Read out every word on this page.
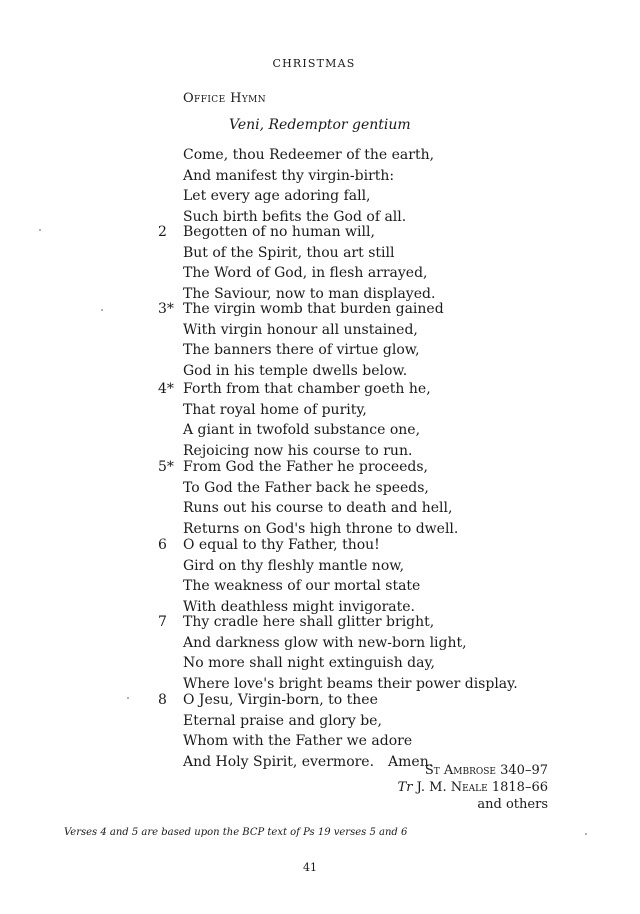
CHRISTMAS
Office Hymn
Veni, Redemptor gentium
Come, thou Redeemer of the earth,
And manifest thy virgin-birth:
Let every age adoring fall,
Such birth befits the God of all.
2 Begotten of no human will,
But of the Spirit, thou art still
The Word of God, in flesh arrayed,
The Saviour, now to man displayed.
3* The virgin womb that burden gained
With virgin honour all unstained,
The banners there of virtue glow,
God in his temple dwells below.
4* Forth from that chamber goeth he,
That royal home of purity,
A giant in twofold substance one,
Rejoicing now his course to run.
5* From God the Father he proceeds,
To God the Father back he speeds,
Runs out his course to death and hell,
Returns on God's high throne to dwell.
6 O equal to thy Father, thou!
Gird on thy fleshly mantle now,
The weakness of our mortal state
With deathless might invigorate.
7 Thy cradle here shall glitter bright,
And darkness glow with new-born light,
No more shall night extinguish day,
Where love's bright beams their power display.
8 O Jesu, Virgin-born, to thee
Eternal praise and glory be,
Whom with the Father we adore
And Holy Spirit, evermore. Amen.
St Ambrose 340–97
Tr J. M. Neale 1818–66
and others
Verses 4 and 5 are based upon the BCP text of Ps 19 verses 5 and 6
41
